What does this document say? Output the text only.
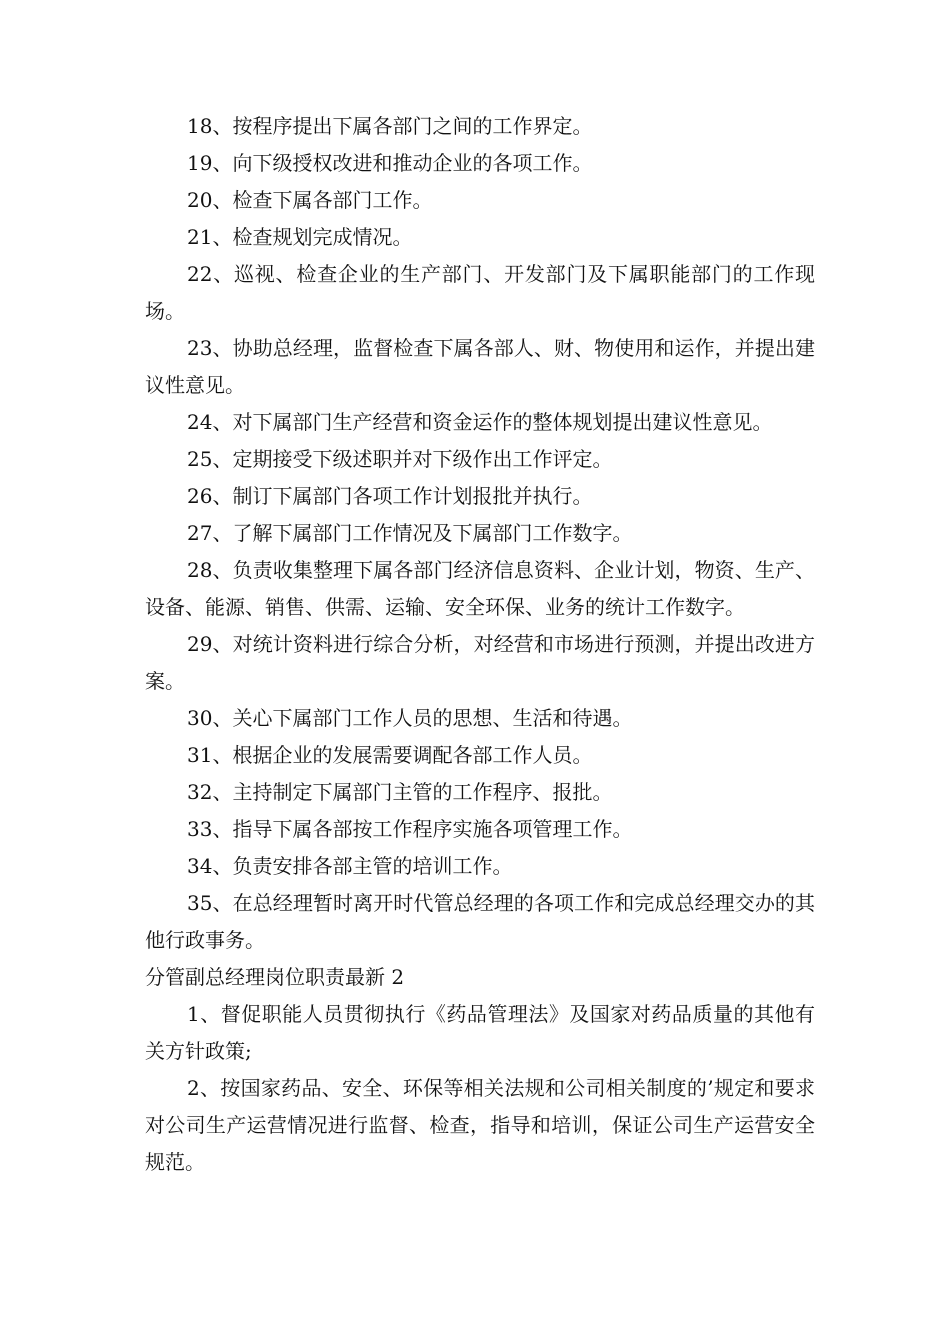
18、按程序提出下属各部门之间的工作界定。

19、向下级授权改进和推动企业的各项工作。

20、检查下属各部门工作。

21、检查规划完成情况。

22、巡视、检查企业的生产部门、开发部门及下属职能部门的工作现场。

23、协助总经理，监督检查下属各部人、财、物使用和运作，并提出建议性意见。

24、对下属部门生产经营和资金运作的整体规划提出建议性意见。

25、定期接受下级述职并对下级作出工作评定。

26、制订下属部门各项工作计划报批并执行。

27、了解下属部门工作情况及下属部门工作数字。

28、负责收集整理下属各部门经济信息资料、企业计划，物资、生产、设备、能源、销售、供需、运输、安全环保、业务的统计工作数字。

29、对统计资料进行综合分析，对经营和市场进行预测，并提出改进方案。

30、关心下属部门工作人员的思想、生活和待遇。

31、根据企业的发展需要调配各部工作人员。

32、主持制定下属部门主管的工作程序、报批。

33、指导下属各部按工作程序实施各项管理工作。

34、负责安排各部主管的培训工作。

35、在总经理暂时离开时代管总经理的各项工作和完成总经理交办的其他行政事务。

分管副总经理岗位职责最新 2

1、督促职能人员贯彻执行《药品管理法》及国家对药品质量的其他有关方针政策;

2、按国家药品、安全、环保等相关法规和公司相关制度的’规定和要求对公司生产运营情况进行监督、检查，指导和培训，保证公司生产运营安全规范。
